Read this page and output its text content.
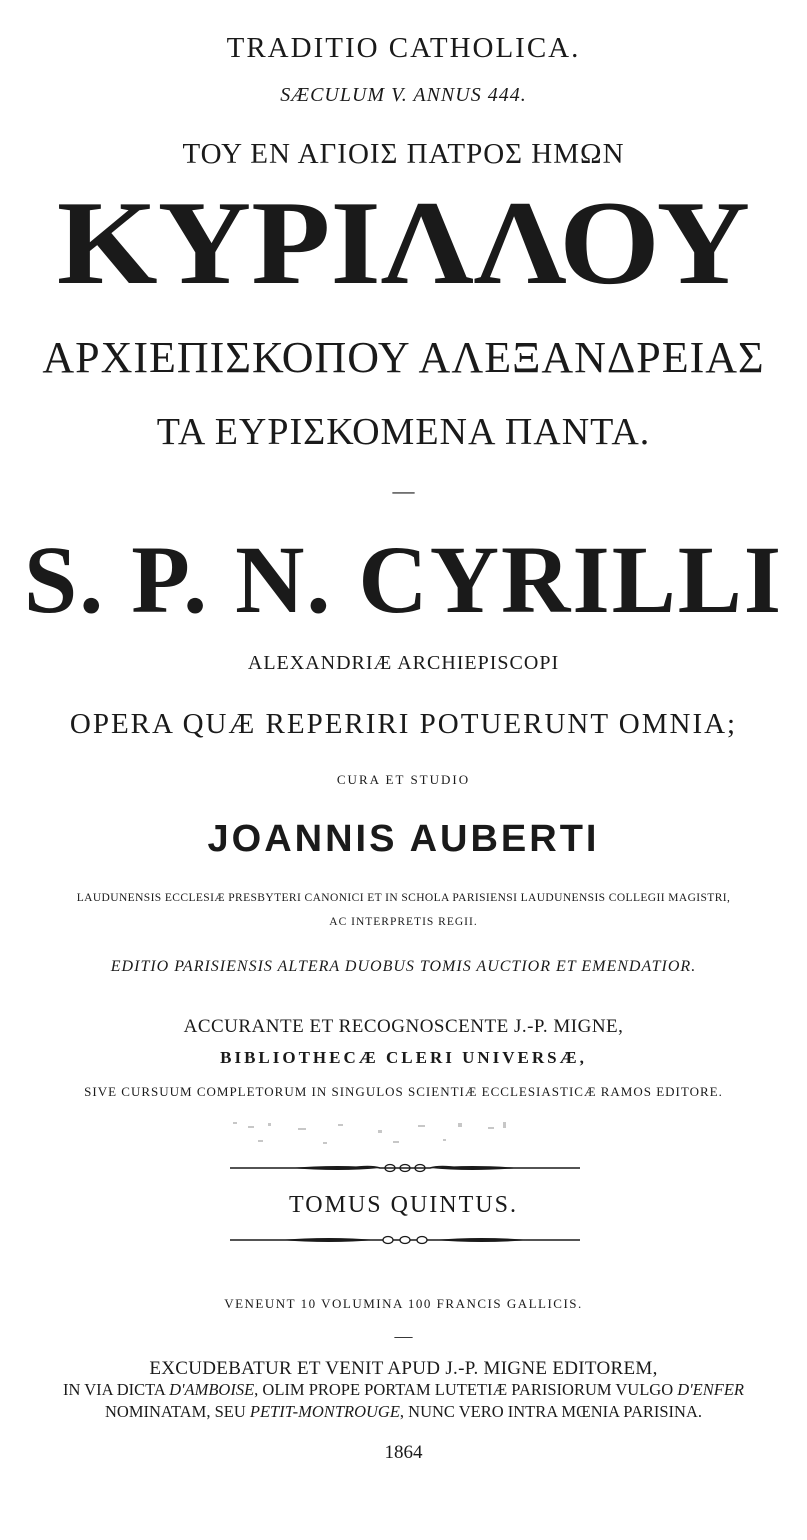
TRADITIO CATHOLICA.
SÆCULUM V. ANNUS 444.
ΤΟΥ ΕΝ ΑΓΙΟΙΣ ΠΑΤΡΟΣ ΗΜΩΝ
ΚΥΡΙΛΛΟΥ
ΑΡΧΙΕΠΙΣΚΟΠΟΥ ΑΛΕΞΑΝΔΡΕΙΑΣ
ΤΑ ΕΥΡΙΣΚΟΜΕΝΑ ΠΑΝΤΑ.
—
S. P. N. CYRILLI
ALEXANDRIÆ ARCHIEPISCOPI
OPERA QUÆ REPERIRI POTUERUNT OMNIA;
CURA ET STUDIO
JOANNIS AUBERTI
LAUDUNENSIS ECCLESIÆ PRESBYTERI CANONICI ET IN SCHOLA PARISIENSI LAUDUNENSIS COLLEGII MAGISTRI,
AC INTERPRETIS REGII.
EDITIO PARISIENSIS ALTERA DUOBUS TOMIS AUCTIOR ET EMENDATIOR.
ACCURANTE ET RECOGNOSCENTE J.-P. MIGNE,
BIBLIOTHECÆ CLERI UNIVERSÆ,
SIVE CURSUUM COMPLETORUM IN SINGULOS SCIENTIÆ ECCLESIASTICÆ RAMOS EDITORE.
TOMUS QUINTUS.
VENEUNT 10 VOLUMINA 100 FRANCIS GALLICIS.
—
EXCUDEBATUR ET VENIT APUD J.-P. MIGNE EDITOREM,
IN VIA DICTA D'AMBOISE, OLIM PROPE PORTAM LUTETIÆ PARISIORUM VULGO D'ENFER
NOMINATAM, SEU PETIT-MONTROUGE, NUNC VERO INTRA MŒNIA PARISINA.
1864
